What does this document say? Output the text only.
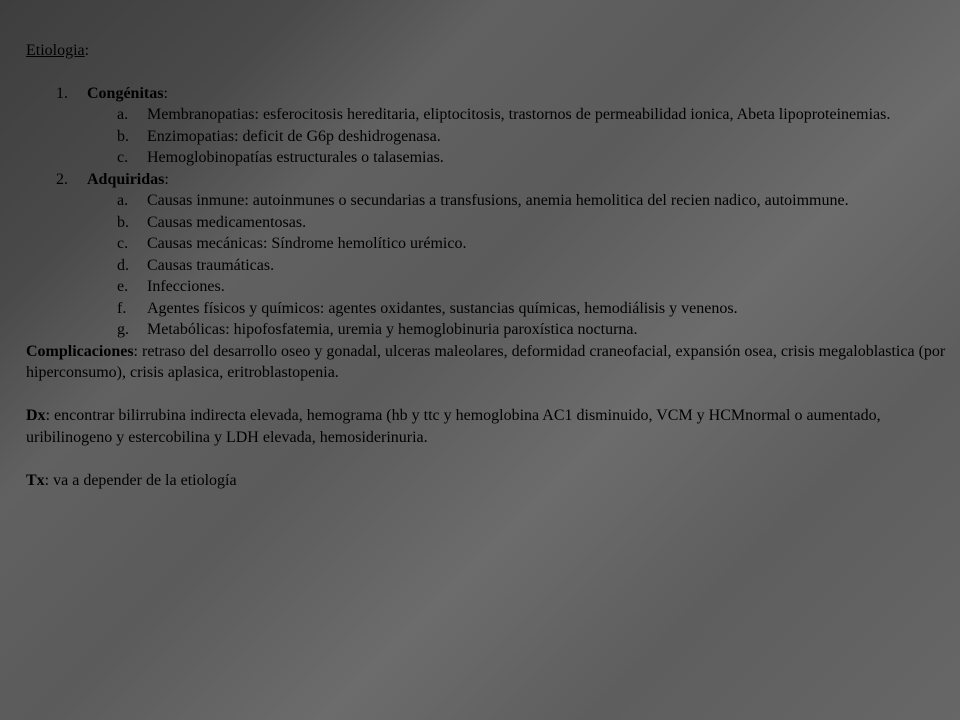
Etiologia:

1. Congénitas:

a. Membranopatias: esferocitosis hereditaria, eliptocitosis, trastornos de permeabilidad ionica, Abeta lipoproteinemias.

b. Enzimopatias: deficit de G6p deshidrogenasa.

c. Hemoglobinopatías estructurales o talasemias.

2. Adquiridas:

a. Causas inmune: autoinmunes o secundarias a transfusions, anemia hemolitica del recien nadico, autoimmune.

b. Causas medicamentosas.

c. Causas mecánicas: Síndrome hemolítico urémico.

d. Causas traumáticas.

e. Infecciones.

f. Agentes físicos y químicos: agentes oxidantes, sustancias químicas, hemodiálisis y venenos.

g. Metabólicas: hipofosfatemia, uremia y hemoglobinuria paroxística nocturna.

Complicaciones: retraso del desarrollo oseo y gonadal, ulceras maleolares, deformidad craneofacial, expansión osea, crisis megaloblastica (por hiperconsumo), crisis aplasica, eritroblastopenia.

Dx: encontrar bilirrubina indirecta elevada, hemograma (hb y ttc y hemoglobina AC1 disminuido, VCM y HCMnormal o aumentado, uribilinogeno y estercobilina y LDH elevada, hemosiderinuria.

Tx: va a depender de la etiología
